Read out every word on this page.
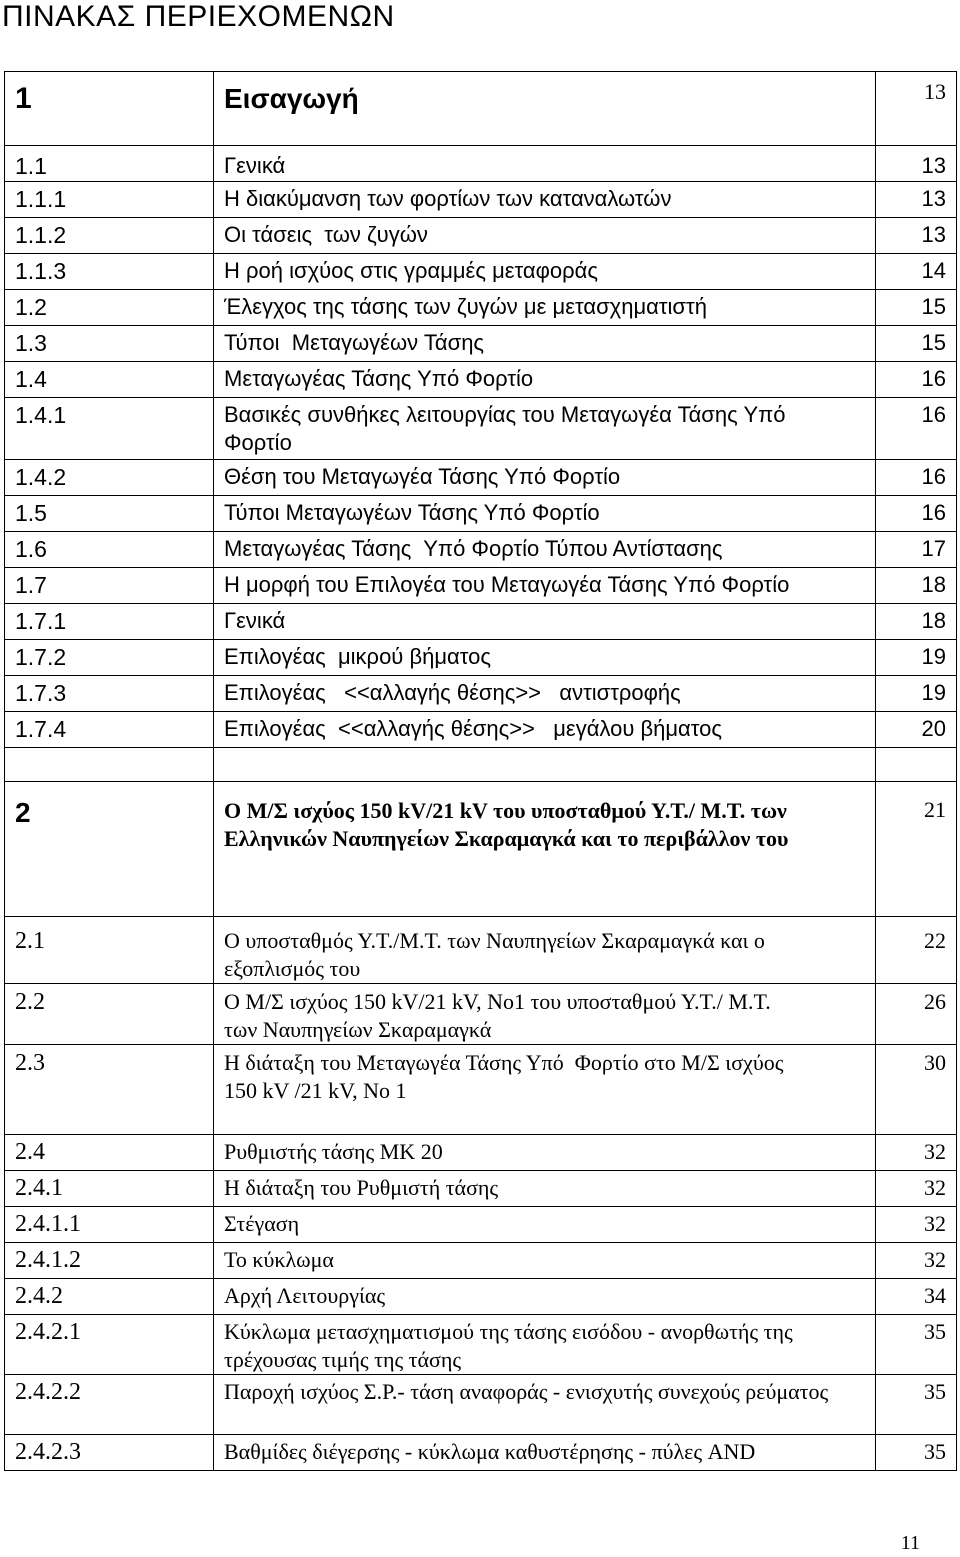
ΠΙΝΑΚΑΣ ΠΕΡΙΕΧΟΜΕΝΩΝ
1	Εισαγωγή	13
1.1	Γενικά	13
1.1.1	Η διακύμανση των φορτίων των καταναλωτών	13
1.1.2	Οι τάσεις  των ζυγών	13
1.1.3	Η ροή ισχύος στις γραμμές μεταφοράς	14
1.2	Έλεγχος της τάσης των ζυγών με μετασχηματιστή	15
1.3	Τύποι  Μεταγωγέων Τάσης	15
1.4	Μεταγωγέας Τάσης Υπό Φορτίο	16
1.4.1	Βασικές συνθήκες λειτουργίας του Μεταγωγέα Τάσης Υπό Φορτίο	16
1.4.2	Θέση του Μεταγωγέα Τάσης Υπό Φορτίο	16
1.5	Τύποι Μεταγωγέων Τάσης Υπό Φορτίο	16
1.6	Μεταγωγέας Τάσης  Υπό Φορτίο Τύπου Αντίστασης	17
1.7	Η μορφή του Επιλογέα του Μεταγωγέα Τάσης Υπό Φορτίο	18
1.7.1	Γενικά	18
1.7.2	Επιλογέας  μικρού βήματος	19
1.7.3	Επιλογέας   <<αλλαγής θέσης>>   αντιστροφής	19
1.7.4	Επιλογέας  <<αλλαγής θέσης>>   μεγάλου βήματος	20

2	Ο Μ/Σ ισχύος 150 kV/21 kV του υποσταθμού Υ.Τ./ Μ.Τ. των Ελληνικών Ναυπηγείων Σκαραμαγκά και το περιβάλλον του	21
2.1	Ο υποσταθμός Υ.Τ./Μ.Τ. των Ναυπηγείων Σκαραμαγκά και ο εξοπλισμός του	22
2.2	Ο Μ/Σ ισχύος 150 kV/21 kV, Νο1 του υποσταθμού Υ.Τ./ Μ.Τ. των Ναυπηγείων Σκαραμαγκά	26
2.3	Η διάταξη του Μεταγωγέα Τάσης Υπό  Φορτίο στο Μ/Σ ισχύος
150 kV /21 kV, Νο 1	30
2.4	Ρυθμιστής τάσης ΜΚ 20	32
2.4.1	Η διάταξη του Ρυθμιστή τάσης	32
2.4.1.1	Στέγαση	32
2.4.1.2	Το κύκλωμα	32
2.4.2	Αρχή Λειτουργίας	34
2.4.2.1	Κύκλωμα μετασχηματισμού της τάσης εισόδου - ανορθωτής της τρέχουσας τιμής της τάσης	35
2.4.2.2	Παροχή ισχύος Σ.Ρ.- τάση αναφοράς - ενισχυτής συνεχούς ρεύματος	35
2.4.2.3	Βαθμίδες διέγερσης - κύκλωμα καθυστέρησης - πύλες AND	35
11
